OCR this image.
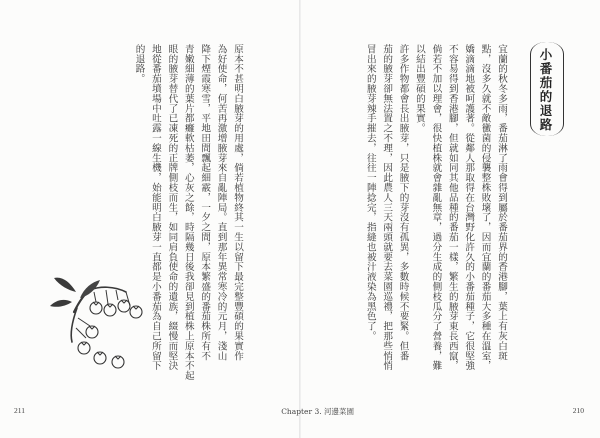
原本不甚明白腋芽的用處，倘若植物終其一生以留下最完整豐碩的果實作
為好使命，何苦再激增腋芽來自亂陣局。直到那年異常寒冷的元月，淺山
降下煙霞寒雪，平地田間飄起細霰，一夕之間，原本繁盛的番茄株所有不
青嫩細薄的葉片都癱軟枯萎，心灰之餘，時隔幾日後我卻見到植株上原本不起
眼的腋芽替代了已凍死的正牌側枝而生，如同肩負使命的遺族，綴慢而堅決
地從番茄墳場中吐露一線生機，始能明白腋芽一直都是小番茄為自己所留下
的退路。
211
小番茄的退路
宜蘭的秋冬多雨，番茄淋了雨會得到屬於番茄界的香港腳，葉上有灰白斑
點，沒多久就不敵黴菌的侵襲整株敗壞了，因而宜蘭的番茄大多種在溫室，
嬌滴滴地被呵護著。從鄰人那取得在台灣野化許久的小番茄種子，它很堅強
不容易得到香港腳，但就如同其他品種的番茄一樣，繁生的腋芽東長西竄，
倘若不加以理會，很快植株就會雜亂無章，過分生成的側枝瓜分了營養，難
以結出豐碩的果實。
許多作物都會長出腋芽，只是腋下的芽沒有孤異，多數時候不要緊。但番
茄的腋芽卻無法置之不理，因此農人三天兩頭就要去菜園巡禮，把那些悄悄
冒出來的腋芽辣手摧去，往往一陣捻完，指縫也被汁液染為黑色了。
Chapter 3. 河邊菜園	210
